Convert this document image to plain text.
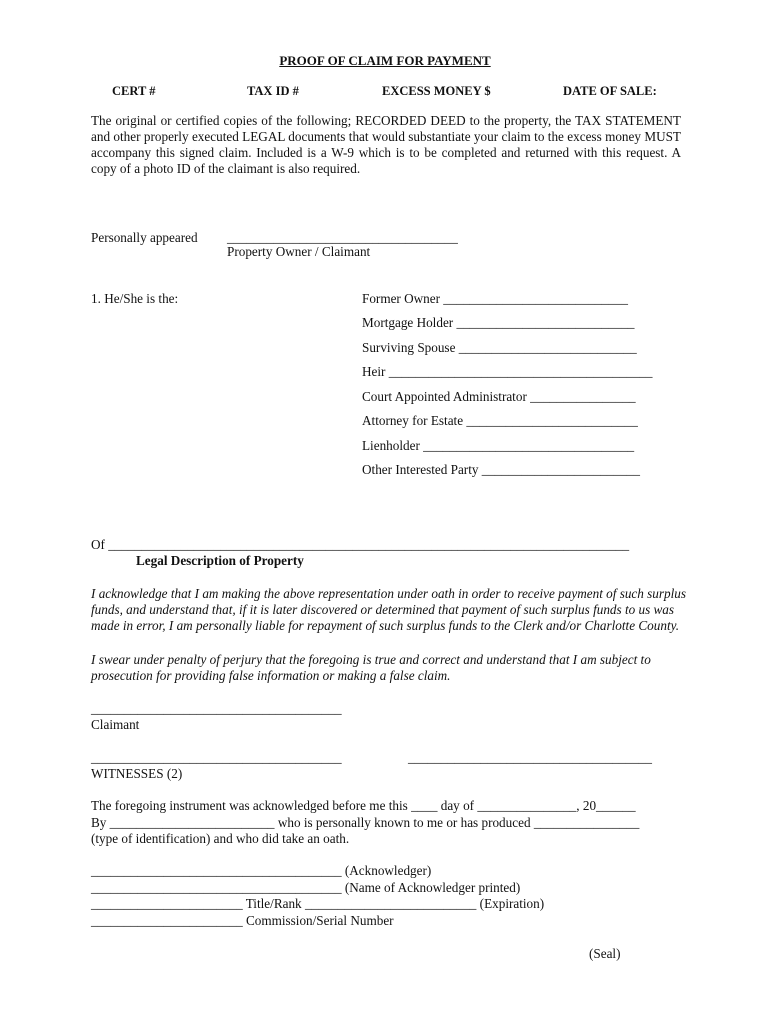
PROOF OF CLAIM FOR PAYMENT
CERT #	TAX ID #	EXCESS MONEY $	DATE OF SALE:
The original or certified copies of the following; RECORDED DEED to the property, the TAX STATEMENT and other properly executed LEGAL documents that would substantiate your claim to the excess money MUST accompany this signed claim. Included is a W-9 which is to be completed and returned with this request. A copy of a photo ID of the claimant is also required.
Personally appeared ___________________________________
Property Owner / Claimant
1. He/She is the:	Former Owner ____________________________
Mortgage Holder ___________________________
Surviving Spouse ___________________________
Heir ________________________________________
Court Appointed Administrator ________________
Attorney for Estate __________________________
Lienholder ________________________________
Other Interested Party ________________________
Of _______________________________________________________________________________
Legal Description of Property
I acknowledge that I am making the above representation under oath in order to receive payment of such surplus funds, and understand that, if it is later discovered or determined that payment of such surplus funds to us was made in error, I am personally liable for repayment of such surplus funds to the Clerk and/or Charlotte County.
I swear under penalty of perjury that the foregoing is true and correct and understand that I am subject to prosecution for providing false information or making a false claim.
______________________________________
Claimant
______________________________________	_____________________________________
WITNESSES (2)
The foregoing instrument was acknowledged before me this ____ day of _______________, 20______
By _________________________ who is personally known to me or has produced ________________
(type of identification) and who did take an oath.
______________________________________ (Acknowledger)
______________________________________ (Name of Acknowledger printed)
_______________________ Title/Rank __________________________ (Expiration)
_______________________ Commission/Serial Number
(Seal)
